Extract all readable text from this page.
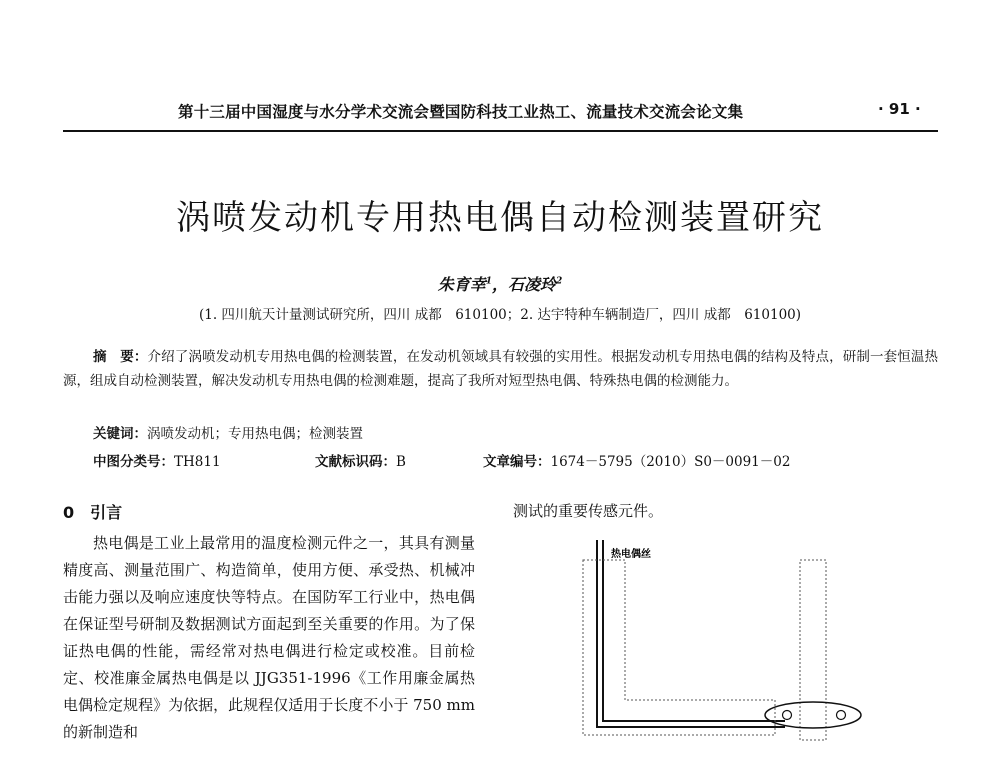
第十三届中国湿度与水分学术交流会暨国防科技工业热工、流量技术交流会论文集	· 91 ·
涡喷发动机专用热电偶自动检测装置研究
朱育幸$^1$，石凌玲$^2$
(1. 四川航天计量测试研究所，四川 成都　610100；2. 达宇特种车辆制造厂，四川 成都　610100)
摘　要：介绍了涡喷发动机专用热电偶的检测装置，在发动机领域具有较强的实用性。根据发动机专用热电偶的结构及特点，研制一套恒温热源，组成自动检测装置，解决发动机专用热电偶的检测难题，提高了我所对短型热电偶、特殊热电偶的检测能力。
关键词：涡喷发动机；专用热电偶；检测装置
中图分类号：TH811	文献标识码：B	文章编号：1674－5795（2010）S0－0091－02
0　引言
热电偶是工业上最常用的温度检测元件之一，其具有测量精度高、测量范围广、构造简单，使用方便、承受热、机械冲击能力强以及响应速度快等特点。在国防军工行业中，热电偶在保证型号研制及数据测试方面起到至关重要的作用。为了保证热电偶的性能，需经常对热电偶进行检定或校准。目前检定、校准廉金属热电偶是以 JJG351-1996《工作用廉金属热电偶检定规程》为依据，此规程仅适用于长度不小于 750 mm 的新制造和
测试的重要传感元件。
热电偶丝
